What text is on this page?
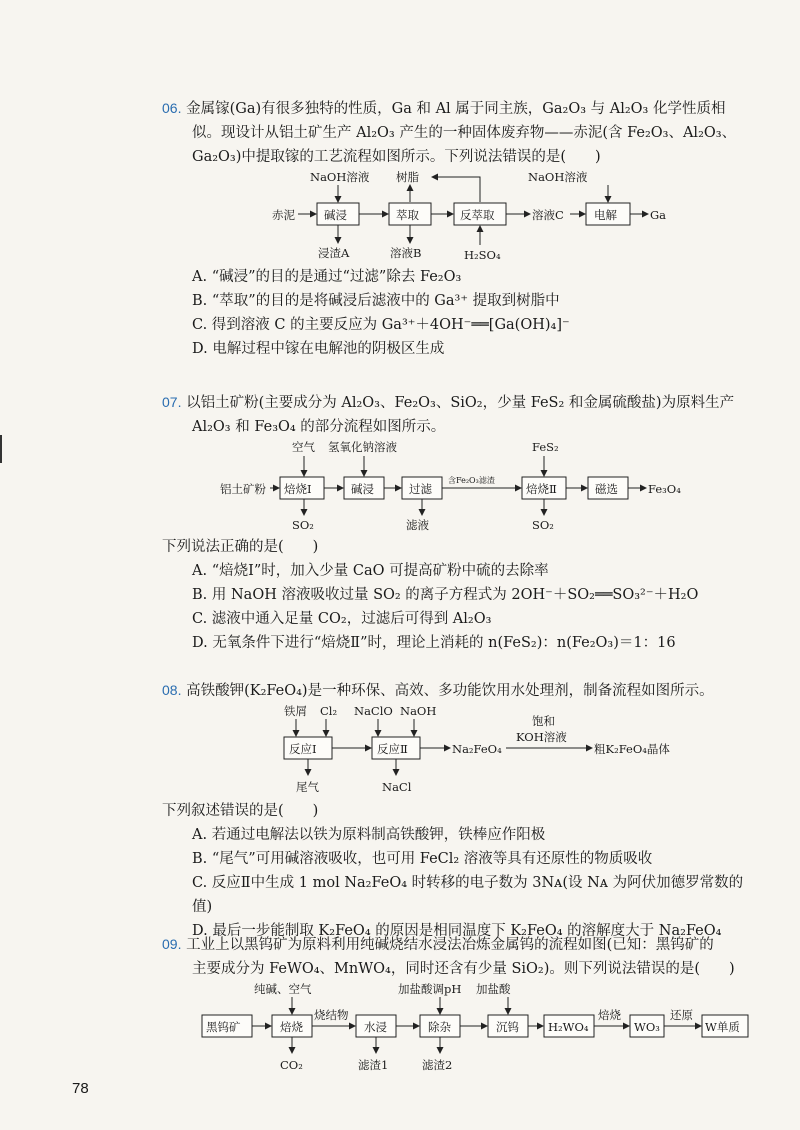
06. 金属镓(Ga)有很多独特的性质，Ga 和 Al 属于同主族，Ga₂O₃ 与 Al₂O₃ 化学性质相

似。现设计从铝土矿生产 Al₂O₃ 产生的一种固体废弃物——赤泥(含 Fe₂O₃、Al₂O₃、

Ga₂O₃)中提取镓的工艺流程如图所示。下列说法错误的是(　　)

赤泥	碱浸	萃取	反萃取	溶液C	电解	Ga
NaOH溶液 树脂	NaOH溶液
浸渣A	溶液B	H₂SO₄

A. “碱浸”的目的是通过“过滤”除去 Fe₂O₃

B. “萃取”的目的是将碱浸后滤液中的 Ga³⁺ 提取到树脂中

C. 得到溶液 C 的主要反应为 Ga³⁺＋4OH⁻══[Ga(OH)₄]⁻

D. 电解过程中镓在电解池的阴极区生成

07. 以铝土矿粉(主要成分为 Al₂O₃、Fe₂O₃、SiO₂，少量 FeS₂ 和金属硫酸盐)为原料生产

Al₂O₃ 和 Fe₃O₄ 的部分流程如图所示。

铝土矿粉 焙烧Ⅰ	碱浸	过滤	焙烧Ⅱ	磁选	Fe₃O₄
含Fe₂O₃滤渣
空气 氢氧化钠溶液	FeS₂
SO₂	滤液	SO₂

下列说法正确的是(　　)

A. “焙烧Ⅰ”时，加入少量 CaO 可提高矿粉中硫的去除率

B. 用 NaOH 溶液吸收过量 SO₂ 的离子方程式为 2OH⁻＋SO₂══SO₃²⁻＋H₂O

C. 滤液中通入足量 CO₂，过滤后可得到 Al₂O₃

D. 无氧条件下进行“焙烧Ⅱ”时，理论上消耗的 n(FeS₂)：n(Fe₂O₃)＝1：16

08. 高铁酸钾(K₂FeO₄)是一种环保、高效、多功能饮用水处理剂，制备流程如图所示。

反应Ⅰ	反应Ⅱ	Na₂FeO₄	粗K₂FeO₄晶体
饱和
KOH溶液
铁屑 Cl₂ NaClO NaOH
尾气	NaCl

下列叙述错误的是(　　)

A. 若通过电解法以铁为原料制高铁酸钾，铁棒应作阳极

B. “尾气”可用碱溶液吸收，也可用 FeCl₂ 溶液等具有还原性的物质吸收

C. 反应Ⅱ中生成 1 mol Na₂FeO₄ 时转移的电子数为 3Nᴀ(设 Nᴀ 为阿伏加德罗常数的值)

D. 最后一步能制取 K₂FeO₄ 的原因是相同温度下 K₂FeO₄ 的溶解度大于 Na₂FeO₄

09. 工业上以黑钨矿为原料利用纯碱烧结水浸法冶炼金属钨的流程如图(已知：黑钨矿的

主要成分为 FeWO₄、MnWO₄，同时还含有少量 SiO₂)。则下列说法错误的是(　　)

黑钨矿	焙烧	水浸	除杂	沉钨	H₂WO₄	WO₃	W单质
烧结物	焙烧	还原
纯碱、空气	加盐酸调pH 加盐酸
CO₂	滤渣1	滤渣2
78
